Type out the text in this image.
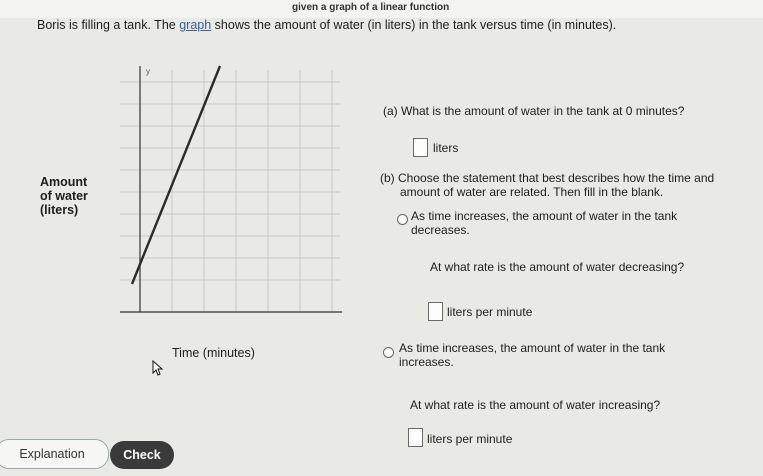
given a graph of a linear function
Boris is filling a tank. The graph shows the amount of water (in liters) in the tank versus time (in minutes).
y
Amount
of water
(liters)
Time (minutes)
(a) What is the amount of water in the tank at 0 minutes?
liters
(b) Choose the statement that best describes how the time and
amount of water are related. Then fill in the blank.
As time increases, the amount of water in the tank
decreases.
At what rate is the amount of water decreasing?
liters per minute
As time increases, the amount of water in the tank
increases.
At what rate is the amount of water increasing?
liters per minute
Explanation	Check
